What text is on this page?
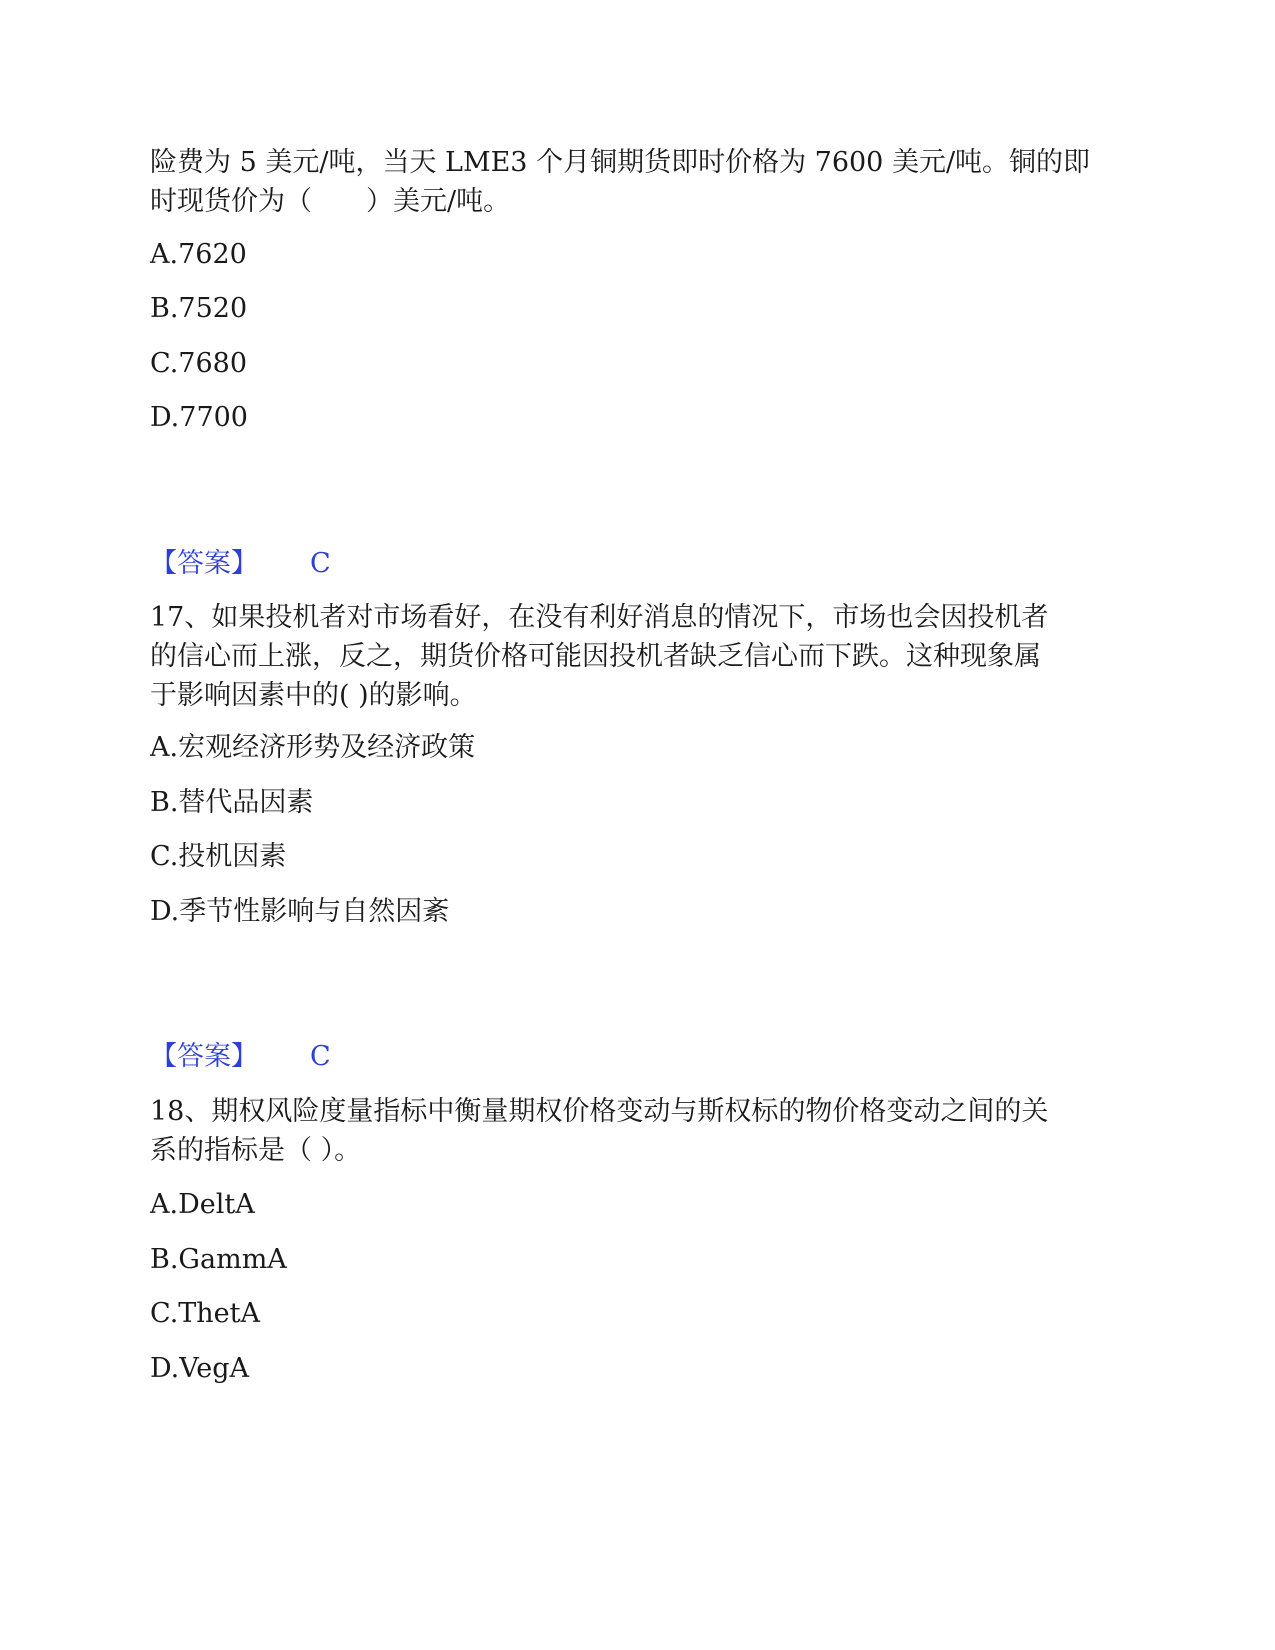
险费为 5 美元/吨，当天 LME3 个月铜期货即时价格为 7600 美元/吨。铜的即

时现货价为（　　）美元/吨。

A.7620

B.7520

C.7680

D.7700

【答案】 C

17、如果投机者对市场看好，在没有利好消息的情况下，市场也会因投机者

的信心而上涨，反之，期货价格可能因投机者缺乏信心而下跌。这种现象属

于影响因素中的( )的影响。

A.宏观经济形势及经济政策

B.替代品因素

C.投机因素

D.季节性影响与自然因紊

【答案】 C

18、期权风险度量指标中衡量期权价格变动与斯权标的物价格变动之间的关

系的指标是（ ）。

A.DeltA

B.GammA

C.ThetA

D.VegA
